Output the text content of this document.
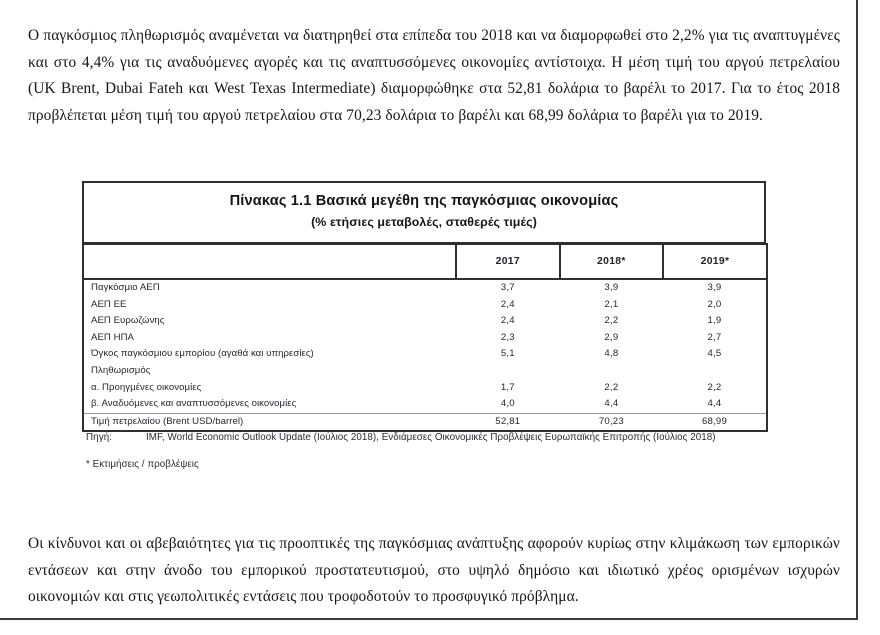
Ο παγκόσμιος πληθωρισμός αναμένεται να διατηρηθεί στα επίπεδα του 2018 και να διαμορφωθεί στο 2,2% για τις αναπτυγμένες και στο 4,4% για τις αναδυόμενες αγορές και τις αναπτυσσόμενες οικονομίες αντίστοιχα. Η μέση τιμή του αργού πετρελαίου (UK Brent, Dubai Fateh και West Texas Intermediate) διαμορφώθηκε στα 52,81 δολάρια το βαρέλι το 2017. Για το έτος 2018 προβλέπεται μέση τιμή του αργού πετρελαίου στα 70,23 δολάρια το βαρέλι και 68,99 δολάρια το βαρέλι για το 2019.

Πίνακας 1.1 Βασικά μεγέθη της παγκόσμιας οικονομίας
(% ετήσιες μεταβολές, σταθερές τιμές)
	2017	2018*	2019*
Παγκόσμιο ΑΕΠ	3,7	3,9	3,9
ΑΕΠ ΕΕ	2,4	2,1	2,0
ΑΕΠ Ευρωζώνης	2,4	2,2	1,9
ΑΕΠ ΗΠΑ	2,3	2,9	2,7
Όγκος παγκόσμιου εμπορίου (αγαθά και υπηρεσίες)	5,1	4,8	4,5
Πληθωρισμός			
α. Προηγμένες οικονομίες	1,7	2,2	2,2
β. Αναδυόμενες και αναπτυσσόμενες οικονομίες	4,0	4,4	4,4
Τιμή πετρελαίου (Brent USD/barrel)	52,81	70,23	68,99
Πηγή:	IMF, World Economic Outlook Update (Ιούλιος 2018), Ενδιάμεσες Οικονομικές Προβλέψεις Ευρωπαϊκής Επιτροπής (Ιούλιος 2018)
* Εκτιμήσεις / προβλέψεις

Οι κίνδυνοι και οι αβεβαιότητες για τις προοπτικές της παγκόσμιας ανάπτυξης αφορούν κυρίως στην κλιμάκωση των εμπορικών εντάσεων και στην άνοδο του εμπορικού προστατευτισμού, στο υψηλό δημόσιο και ιδιωτικό χρέος ορισμένων ισχυρών οικονομιών και στις γεωπολιτικές εντάσεις που τροφοδοτούν το προσφυγικό πρόβλημα.
